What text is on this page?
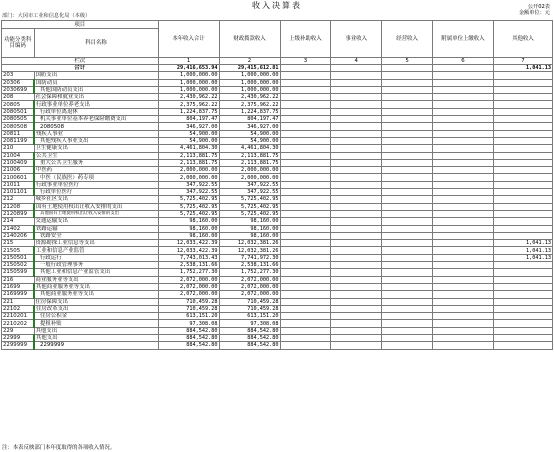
收入决算表	公开02表
金额单位：元
部门：大冈市工业和信息化局（本级）
项目		本年收入合计	财政拨款收入	上级补助收入	事业收入	经营收入	附属单位上缴收入	其他收入
功能分类科目编码	科目名称							
栏次		1	2	3	4	5	6	7
合计		29,416,653.94	29,415,612.81					1,041.13
203	国防支出	1,000,000.00	1,000,000.00					
20306	国防动员	1,000,000.00	1,000,000.00					
2030699	其他国防动员支出	1,000,000.00	1,000,000.00					
208	社会保障和就业支出	2,430,962.22	2,430,962.22					
20805	行政事业单位养老支出	2,375,962.22	2,375,962.22					
2080501	行政单位离退休	1,224,837.75	1,224,837.75					
2080505	机关事业单位基本养老保险缴费支出	804,197.47	804,197.47					
2080508	2080508	346,927.00	346,927.00					
20811	残疾人事业	54,900.00	54,900.00					
2081199	其他残疾人事业支出	54,900.00	54,900.00					
210	卫生健康支出	4,461,804.30	4,461,804.30					
21004	公共卫生	2,113,881.75	2,113,881.75					
2100409	重大公共卫生服务	2,113,881.75	2,113,881.75					
21006	中医药	2,000,000.00	2,000,000.00					
2100601	中医（民族医）药专项	2,000,000.00	2,000,000.00					
21011	行政事业单位医疗	347,922.55	347,922.55					
2101101	行政单位医疗	347,922.55	347,922.55					
212	城乡社区支出	5,725,402.95	5,725,402.95					
21208	国有土地使用权出让收入安排的支出	5,725,402.95	5,725,402.95					
2120899	其他国有土地使用权出让收入安排的支出	5,725,402.95	5,725,402.95					
214	交通运输支出	98,160.00	98,160.00					
21402	铁路运输	98,160.00	98,160.00					
2140206	铁路安全	98,160.00	98,160.00					
215	资源勘探工业信息等支出	12,033,422.39	12,032,381.26					1,041.13
21505	工业和信息产业监管	12,033,422.39	12,032,381.26					1,041.13
2150501	行政运行	7,743,013.43	7,741,972.30					1,041.13
2150502	一般行政管理事务	2,538,131.66	2,538,131.66					
2150599	其他工业和信息产业监管支出	1,752,277.30	1,752,277.30					
216	商业服务业等支出	2,072,000.00	2,072,000.00					
21699	其他商业服务业等支出	2,072,000.00	2,072,000.00					
2169999	其他商业服务业等支出	2,072,000.00	2,072,000.00					
221	住房保障支出	710,459.28	710,459.28					
22102	住房改革支出	710,459.28	710,459.28					
2210201	住房公积金	613,151.20	613,151.20					
2210202	提租补贴	97,308.08	97,308.08					
229	其他支出	884,542.80	884,542.80					
22999	其他支出	884,542.80	884,542.80					
2299999	2299999	884,542.80	884,542.80					
注：本表反映部门本年度取得的各项收入情况。
